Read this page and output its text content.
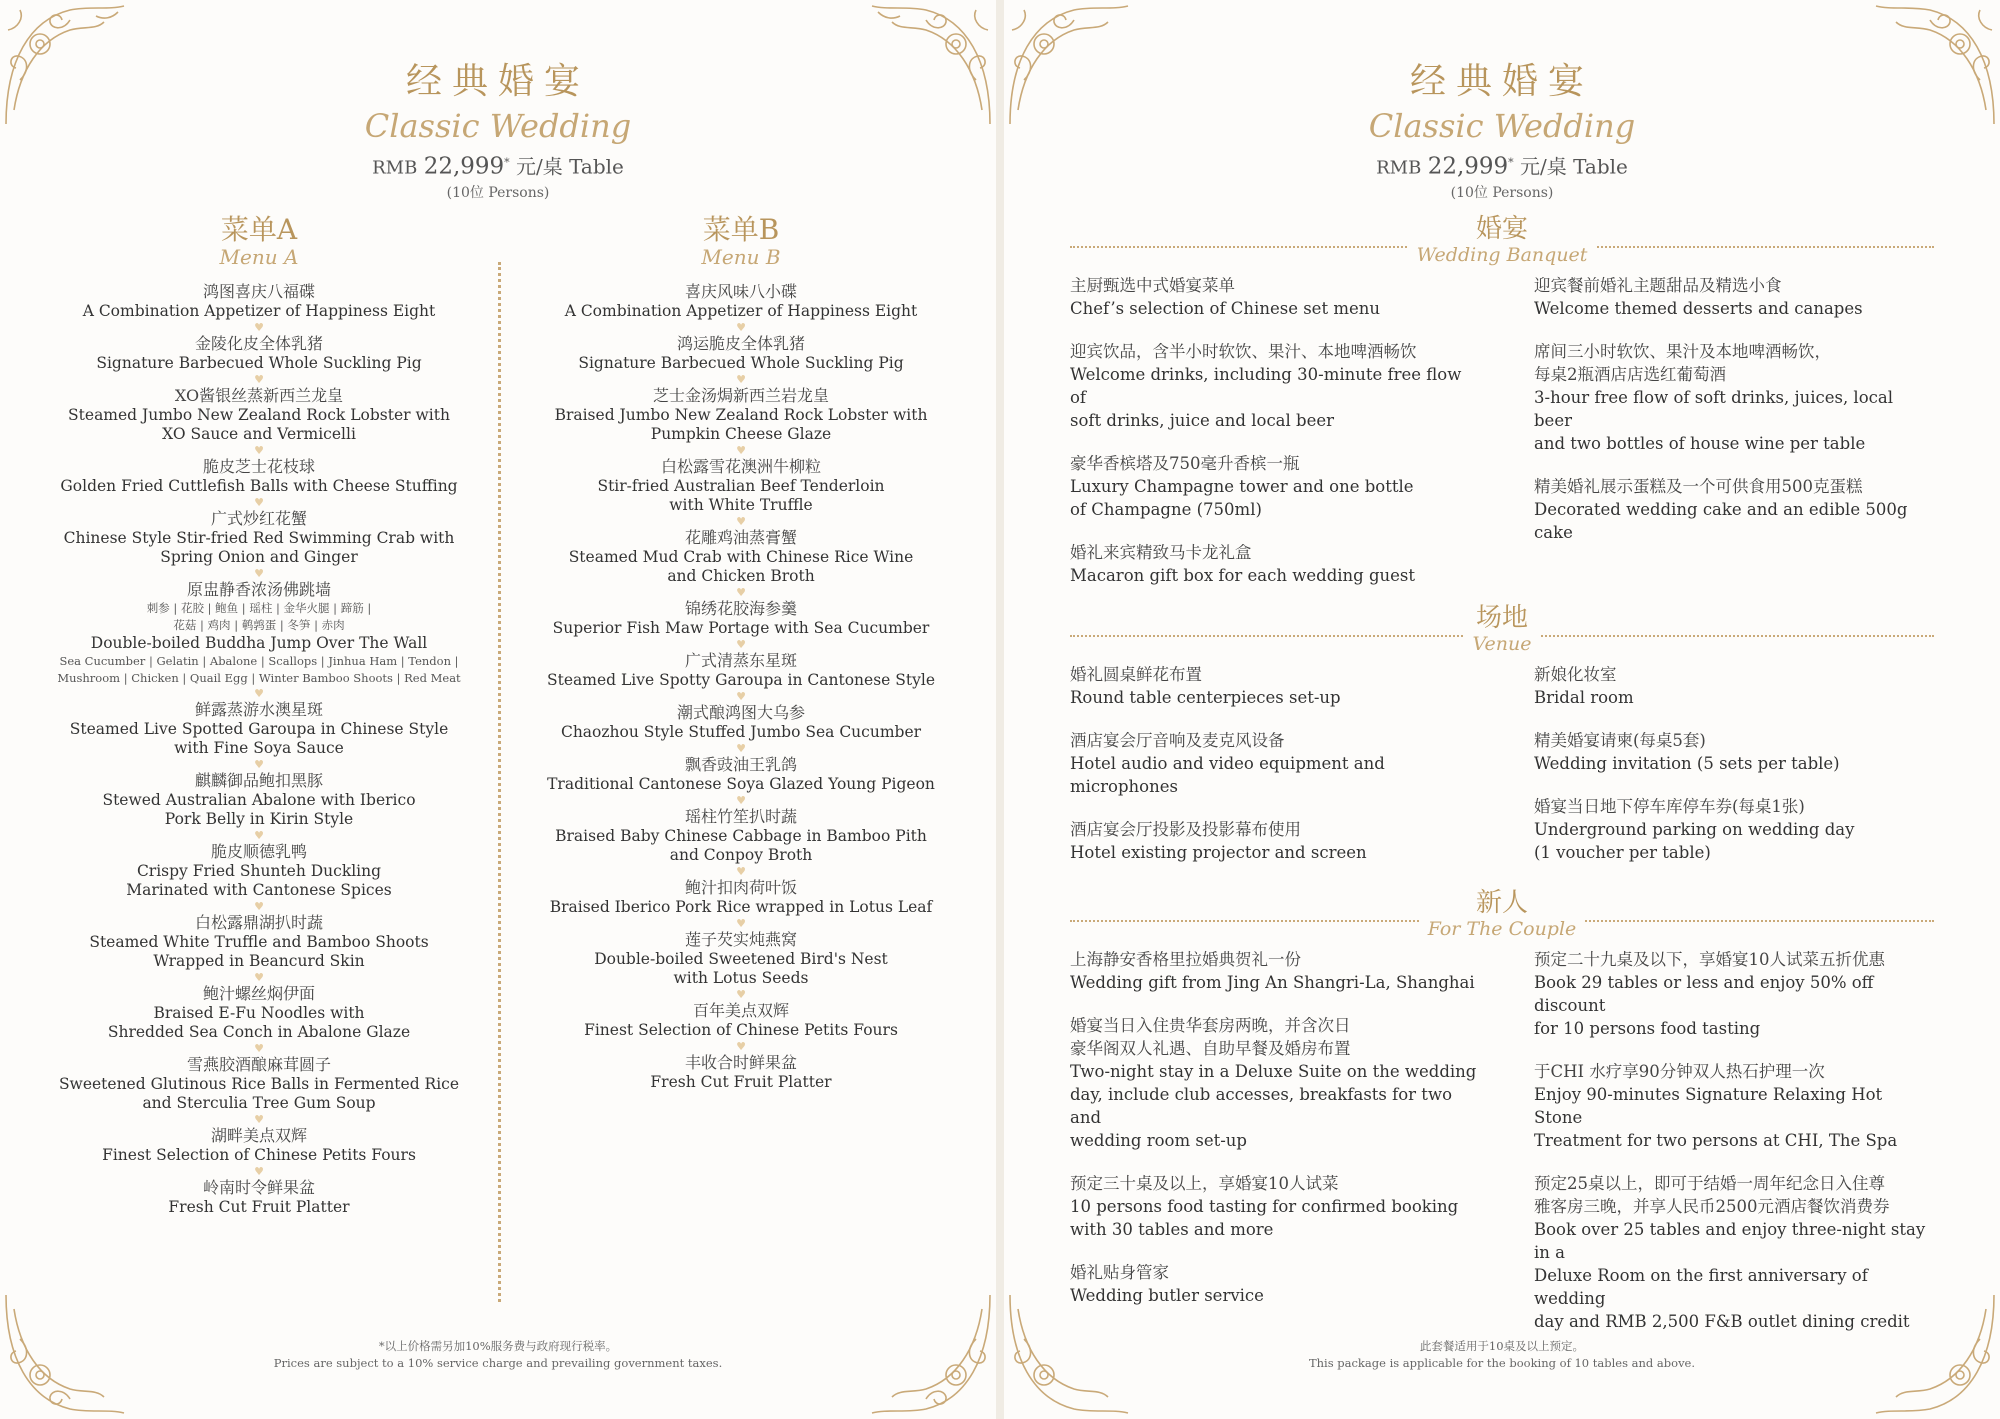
经典婚宴
Classic Wedding
RMB 22,999* 元/桌 Table
(10位 Persons)
菜单A
Menu A
鸿图喜庆八福碟
A Combination Appetizer of Happiness Eight
♥
金陵化皮全体乳猪
Signature Barbecued Whole Suckling Pig
♥
XO酱银丝蒸新西兰龙皇
Steamed Jumbo New Zealand Rock Lobster with
XO Sauce and Vermicelli
♥
脆皮芝士花枝球
Golden Fried Cuttlefish Balls with Cheese Stuffing
♥
广式炒红花蟹
Chinese Style Stir-fried Red Swimming Crab with
Spring Onion and Ginger
♥
原盅静香浓汤佛跳墙
刺参 | 花胶 | 鲍鱼 | 瑶柱 | 金华火腿 | 蹄筋 |
花菇 | 鸡肉 | 鹌鹑蛋 | 冬笋 | 赤肉
Double-boiled Buddha Jump Over The Wall
Sea Cucumber | Gelatin | Abalone | Scallops | Jinhua Ham | Tendon |
Mushroom | Chicken | Quail Egg | Winter Bamboo Shoots | Red Meat
♥
鲜露蒸游水澳星斑
Steamed Live Spotted Garoupa in Chinese Style
with Fine Soya Sauce
♥
麒麟御品鲍扣黑豚
Stewed Australian Abalone with Iberico
Pork Belly in Kirin Style
♥
脆皮顺德乳鸭
Crispy Fried Shunteh Duckling
Marinated with Cantonese Spices
♥
白松露鼎湖扒时蔬
Steamed White Truffle and Bamboo Shoots
Wrapped in Beancurd Skin
♥
鲍汁螺丝焖伊面
Braised E-Fu Noodles with
Shredded Sea Conch in Abalone Glaze
♥
雪燕胶酒酿麻茸圆子
Sweetened Glutinous Rice Balls in Fermented Rice
and Sterculia Tree Gum Soup
♥
湖畔美点双辉
Finest Selection of Chinese Petits Fours
♥
岭南时令鲜果盆
Fresh Cut Fruit Platter
菜单B
Menu B
喜庆风味八小碟
A Combination Appetizer of Happiness Eight
♥
鸿运脆皮全体乳猪
Signature Barbecued Whole Suckling Pig
♥
芝士金汤焗新西兰岩龙皇
Braised Jumbo New Zealand Rock Lobster with
Pumpkin Cheese Glaze
♥
白松露雪花澳洲牛柳粒
Stir-fried Australian Beef Tenderloin
with White Truffle
♥
花雕鸡油蒸膏蟹
Steamed Mud Crab with Chinese Rice Wine
and Chicken Broth
♥
锦绣花胶海参羹
Superior Fish Maw Portage with Sea Cucumber
♥
广式清蒸东星斑
Steamed Live Spotty Garoupa in Cantonese Style
♥
潮式酿鸿图大乌参
Chaozhou Style Stuffed Jumbo Sea Cucumber
♥
飘香豉油王乳鸽
Traditional Cantonese Soya Glazed Young Pigeon
♥
瑶柱竹笙扒时蔬
Braised Baby Chinese Cabbage in Bamboo Pith
and Conpoy Broth
♥
鲍汁扣肉荷叶饭
Braised Iberico Pork Rice wrapped in Lotus Leaf
♥
莲子芡实炖燕窝
Double-boiled Sweetened Bird's Nest
with Lotus Seeds
♥
百年美点双辉
Finest Selection of Chinese Petits Fours
♥
丰收合时鲜果盆
Fresh Cut Fruit Platter
*以上价格需另加10%服务费与政府现行税率。
Prices are subject to a 10% service charge and prevailing government taxes.
经典婚宴
Classic Wedding
RMB 22,999* 元/桌 Table
(10位 Persons)
婚宴
Wedding Banquet
主厨甄选中式婚宴菜单
Chef’s selection of Chinese set menu
迎宾饮品，含半小时软饮、果汁、本地啤酒畅饮
Welcome drinks, including 30-minute free flow of
soft drinks, juice and local beer
豪华香槟塔及750毫升香槟一瓶
Luxury Champagne tower and one bottle
of Champagne (750ml)
婚礼来宾精致马卡龙礼盒
Macaron gift box for each wedding guest
迎宾餐前婚礼主题甜品及精选小食
Welcome themed desserts and canapes
席间三小时软饮、果汁及本地啤酒畅饮，
每桌2瓶酒店店选红葡萄酒
3-hour free flow of soft drinks, juices, local beer
and two bottles of house wine per table
精美婚礼展示蛋糕及一个可供食用500克蛋糕
Decorated wedding cake and an edible 500g cake
场地
Venue
婚礼圆桌鲜花布置
Round table centerpieces set-up
酒店宴会厅音响及麦克风设备
Hotel audio and video equipment and microphones
酒店宴会厅投影及投影幕布使用
Hotel existing projector and screen
新娘化妆室
Bridal room
精美婚宴请柬(每桌5套)
Wedding invitation (5 sets per table)
婚宴当日地下停车库停车券(每桌1张)
Underground parking on wedding day
(1 voucher per table)
新人
For The Couple
上海静安香格里拉婚典贺礼一份
Wedding gift from Jing An Shangri-La, Shanghai
婚宴当日入住贵华套房两晚，并含次日
豪华阁双人礼遇、自助早餐及婚房布置
Two-night stay in a Deluxe Suite on the wedding
day, include club accesses, breakfasts for two and
wedding room set-up
预定三十桌及以上，享婚宴10人试菜
10 persons food tasting for confirmed booking
with 30 tables and more
婚礼贴身管家
Wedding butler service
预定二十九桌及以下，享婚宴10人试菜五折优惠
Book 29 tables or less and enjoy 50% off discount
for 10 persons food tasting
于CHI 水疗享90分钟双人热石护理一次
Enjoy 90-minutes Signature Relaxing Hot Stone
Treatment for two persons at CHI, The Spa
预定25桌以上，即可于结婚一周年纪念日入住尊
雅客房三晚，并享人民币2500元酒店餐饮消费券
Book over 25 tables and enjoy three-night stay in a
Deluxe Room on the first anniversary of wedding
day and RMB 2,500 F&B outlet dining credit
此套餐适用于10桌及以上预定。
This package is applicable for the booking of 10 tables and above.
